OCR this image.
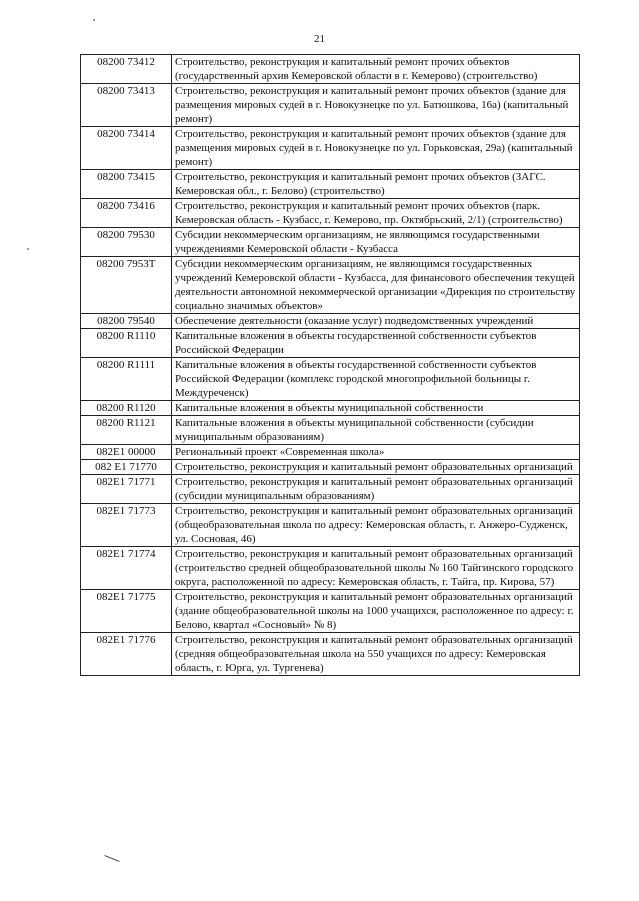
21
08200 73412	Строительство, реконструкция и капитальный ремонт прочих объектов (государственный архив Кемеровской области в г. Кемерово) (строительство)
08200 73413	Строительство, реконструкция и капитальный ремонт прочих объектов (здание для размещения мировых судей в г. Новокузнецке по ул. Батюшкова, 16а) (капитальный ремонт)
08200 73414	Строительство, реконструкция и капитальный ремонт прочих объектов (здание для размещения мировых судей в г. Новокузнецке по ул. Горьковская, 29а) (капитальный ремонт)
08200 73415	Строительство, реконструкция и капитальный ремонт прочих объектов (ЗАГС. Кемеровская обл., г. Белово) (строительство)
08200 73416	Строительство, реконструкция и капитальный ремонт прочих объектов (парк. Кемеровская область - Кузбасс, г. Кемерово, пр. Октябрьский, 2/1) (строительство)
08200 79530	Субсидии некоммерческим организациям, не являющимся государственными учреждениями Кемеровской области - Кузбасса
08200 7953Т	Субсидии некоммерческим организациям, не являющимся государственных учреждений Кемеровской области - Кузбасса, для финансового обеспечения текущей деятельности автономной некоммерческой организации «Дирекция по строительству социально значимых объектов»
08200 79540	Обеспечение деятельности (оказание услуг) подведомственных учреждений
08200 R1110	Капитальные вложения в объекты государственной собственности субъектов Российской Федерации
08200 R1111	Капитальные вложения в объекты государственной собственности субъектов Российской Федерации (комплекс городской многопрофильной больницы г. Междуреченск)
08200 R1120	Капитальные вложения в объекты муниципальной собственности
08200 R1121	Капитальные вложения в объекты муниципальной собственности (субсидии муниципальным образованиям)
082E1 00000	Региональный проект «Современная школа»
082 E1 71770	Строительство, реконструкция и капитальный ремонт образовательных организаций
082E1 71771	Строительство, реконструкция и капитальный ремонт образовательных организаций (субсидии муниципальным образованиям)
082E1 71773	Строительство, реконструкция и капитальный ремонт образовательных организаций (общеобразовательная школа по адресу: Кемеровская область, г. Анжеро-Судженск, ул. Сосновая, 46)
082E1 71774	Строительство, реконструкция и капитальный ремонт образовательных организаций (строительство средней общеобразовательной школы № 160 Тайгинского городского округа, расположенной по адресу: Кемеровская область, г. Тайга, пр. Кирова, 57)
082E1 71775	Строительство, реконструкция и капитальный ремонт образовательных организаций (здание общеобразовательной школы на 1000 учащихся, расположенное по адресу: г. Белово, квартал «Сосновый» № 8)
082E1 71776	Строительство, реконструкция и капитальный ремонт образовательных организаций (средняя общеобразовательная школа на 550 учащихся по адресу: Кемеровская область, г. Юрга, ул. Тургенева)
